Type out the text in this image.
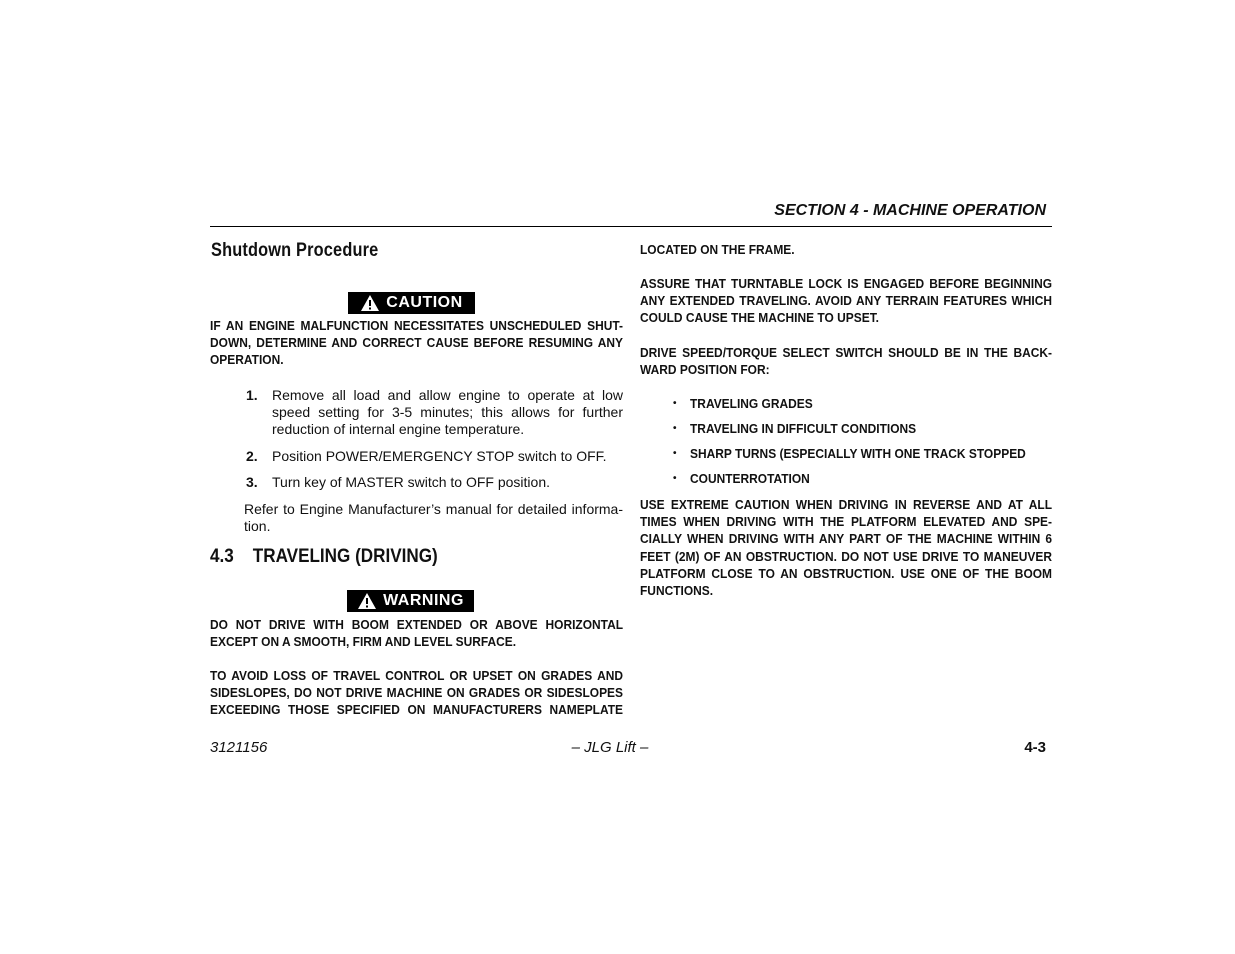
SECTION 4 - MACHINE OPERATION
Shutdown Procedure
CAUTION
IF AN ENGINE MALFUNCTION NECESSITATES UNSCHEDULED SHUT-DOWN, DETERMINE AND CORRECT CAUSE BEFORE RESUMING ANY OPERATION.
1. Remove all load and allow engine to operate at low speed setting for 3-5 minutes; this allows for further reduction of internal engine temperature.
2. Position POWER/EMERGENCY STOP switch to OFF.
3. Turn key of MASTER switch to OFF position.
Refer to Engine Manufacturer’s manual for detailed informa-tion.
4.3 TRAVELING (DRIVING)
WARNING
DO NOT DRIVE WITH BOOM EXTENDED OR ABOVE HORIZONTAL EXCEPT ON A SMOOTH, FIRM AND LEVEL SURFACE.
TO AVOID LOSS OF TRAVEL CONTROL OR UPSET ON GRADES AND SIDESLOPES, DO NOT DRIVE MACHINE ON GRADES OR SIDESLOPES EXCEEDING THOSE SPECIFIED ON MANUFACTURERS NAMEPLATE
LOCATED ON THE FRAME.
ASSURE THAT TURNTABLE LOCK IS ENGAGED BEFORE BEGINNING ANY EXTENDED TRAVELING. AVOID ANY TERRAIN FEATURES WHICH COULD CAUSE THE MACHINE TO UPSET.
DRIVE SPEED/TORQUE SELECT SWITCH SHOULD BE IN THE BACK-WARD POSITION FOR:
• TRAVELING GRADES
• TRAVELING IN DIFFICULT CONDITIONS
• SHARP TURNS (ESPECIALLY WITH ONE TRACK STOPPED
• COUNTERROTATION
USE EXTREME CAUTION WHEN DRIVING IN REVERSE AND AT ALL TIMES WHEN DRIVING WITH THE PLATFORM ELEVATED AND SPE-CIALLY WHEN DRIVING WITH ANY PART OF THE MACHINE WITHIN 6 FEET (2M) OF AN OBSTRUCTION. DO NOT USE DRIVE TO MANEUVER PLATFORM CLOSE TO AN OBSTRUCTION. USE ONE OF THE BOOM FUNCTIONS.
3121156	– JLG Lift –	4-3
